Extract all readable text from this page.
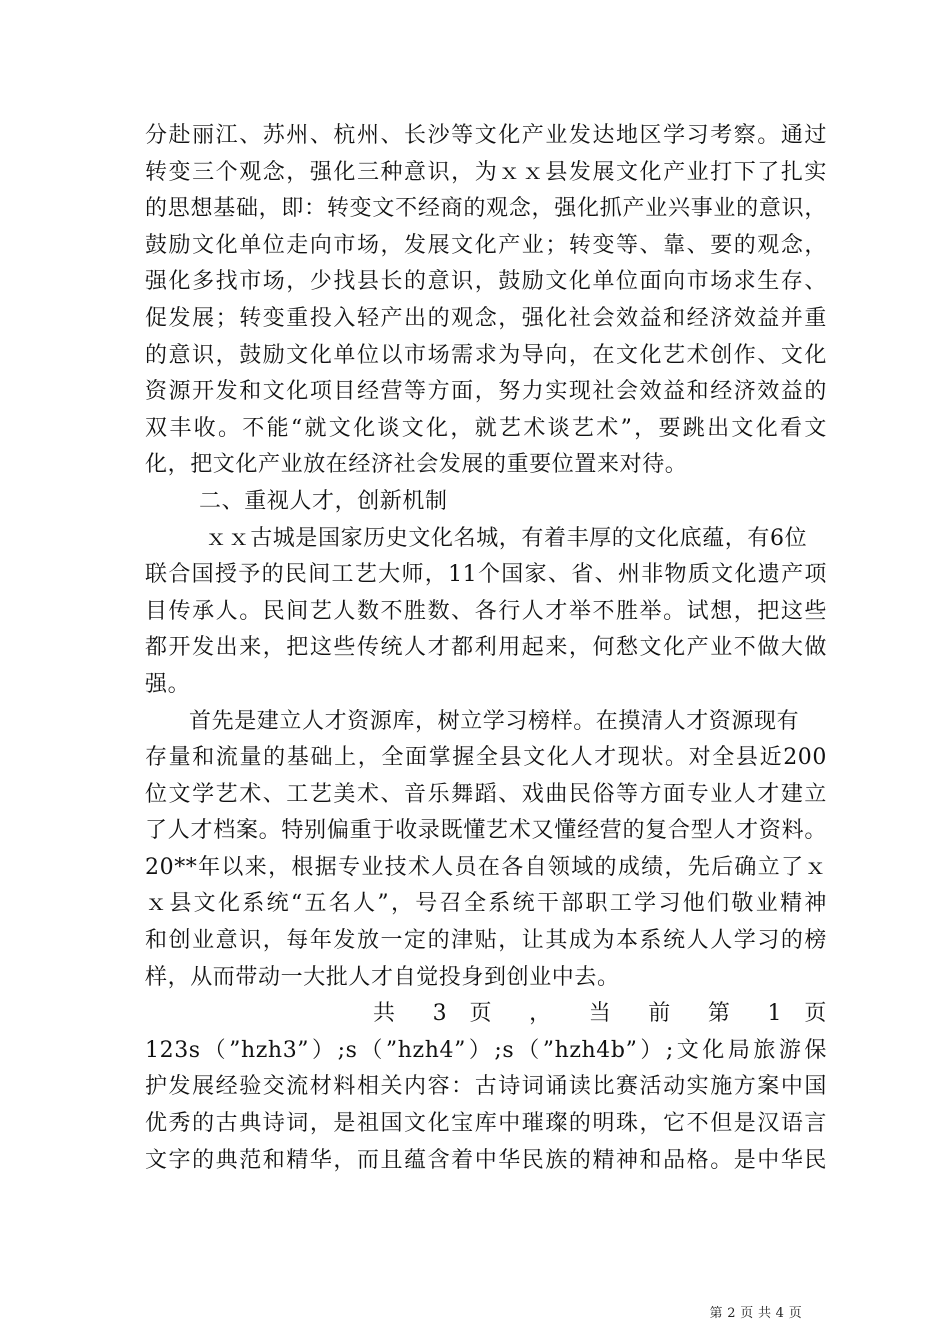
分赴丽江、苏州、杭州、长沙等文化产业发达地区学习考察。通过
转变三个观念，强化三种意识，为ｘｘ县发展文化产业打下了扎实
的思想基础，即：转变文不经商的观念，强化抓产业兴事业的意识，
鼓励文化单位走向市场，发展文化产业；转变等、靠、要的观念，
强化多找市场，少找县长的意识，鼓励文化单位面向市场求生存、
促发展；转变重投入轻产出的观念，强化社会效益和经济效益并重
的意识，鼓励文化单位以市场需求为导向，在文化艺术创作、文化
资源开发和文化项目经营等方面，努力实现社会效益和经济效益的
双丰收。不能“就文化谈文化，就艺术谈艺术”，要跳出文化看文
化，把文化产业放在经济社会发展的重要位置来对待。
二、重视人才，创新机制
ｘｘ古城是国家历史文化名城，有着丰厚的文化底蕴，有6位
联合国授予的民间工艺大师，11个国家、省、州非物质文化遗产项
目传承人。民间艺人数不胜数、各行人才举不胜举。试想，把这些
都开发出来，把这些传统人才都利用起来，何愁文化产业不做大做
强。
首先是建立人才资源库，树立学习榜样。在摸清人才资源现有
存量和流量的基础上，全面掌握全县文化人才现状。对全县近200
位文学艺术、工艺美术、音乐舞蹈、戏曲民俗等方面专业人才建立
了人才档案。特别偏重于收录既懂艺术又懂经营的复合型人才资料。
20**年以来，根据专业技术人员在各自领域的成绩，先后确立了ｘ
ｘ县文化系统“五名人”，号召全系统干部职工学习他们敬业精神
和创业意识，每年发放一定的津贴，让其成为本系统人人学习的榜
样，从而带动一大批人才自觉投身到创业中去。
共 3 页 ， 当 前 第 1 页
123s（”hzh3”）;s（”hzh4”）;s（”hzh4b”）;文化局旅游保
护发展经验交流材料相关内容：古诗词诵读比赛活动实施方案中国
优秀的古典诗词，是祖国文化宝库中璀璨的明珠，它不但是汉语言
文字的典范和精华，而且蕴含着中华民族的精神和品格。是中华民
第 2 页 共 4 页
